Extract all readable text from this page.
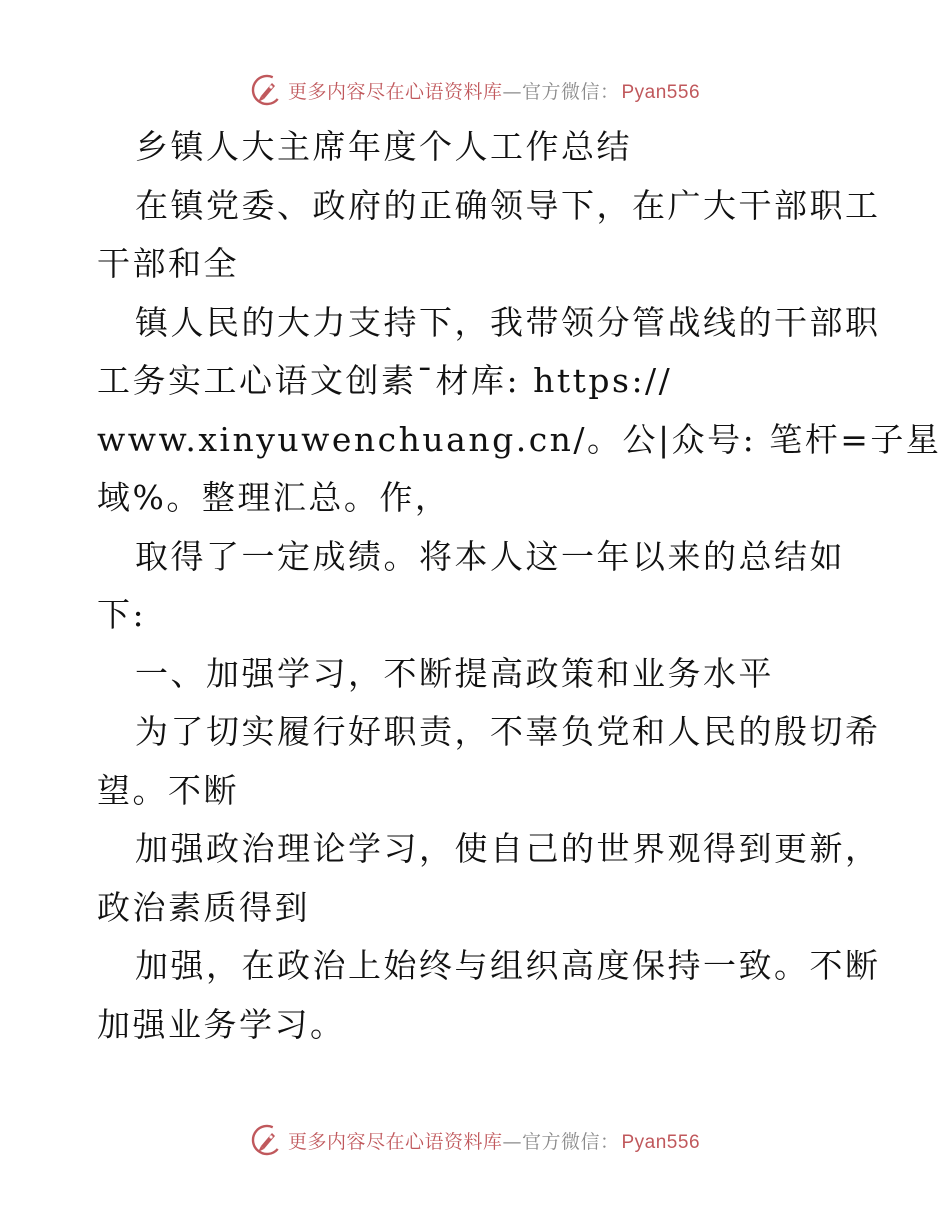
更多内容尽在心语资料库—官方微信： Pyan556
乡镇人大主席年度个人工作总结
在镇党委、政府的正确领导下，在广大干部职工
干部和全
镇人民的大力支持下，我带领分管战线的干部职
工务实工心语文创素¯材库: https://
www.xinyuwenchuang.cn/。公|众号: 笔杆=子星
域%。整理汇总。作，
取得了一定成绩。将本人这一年以来的总结如
下:
一、加强学习，不断提高政策和业务水平
为了切实履行好职责，不辜负党和人民的殷切希
望。不断
加强政治理论学习，使自己的世界观得到更新，
政治素质得到
加强，在政治上始终与组织高度保持一致。不断
加强业务学习。
更多内容尽在心语资料库—官方微信： Pyan556
